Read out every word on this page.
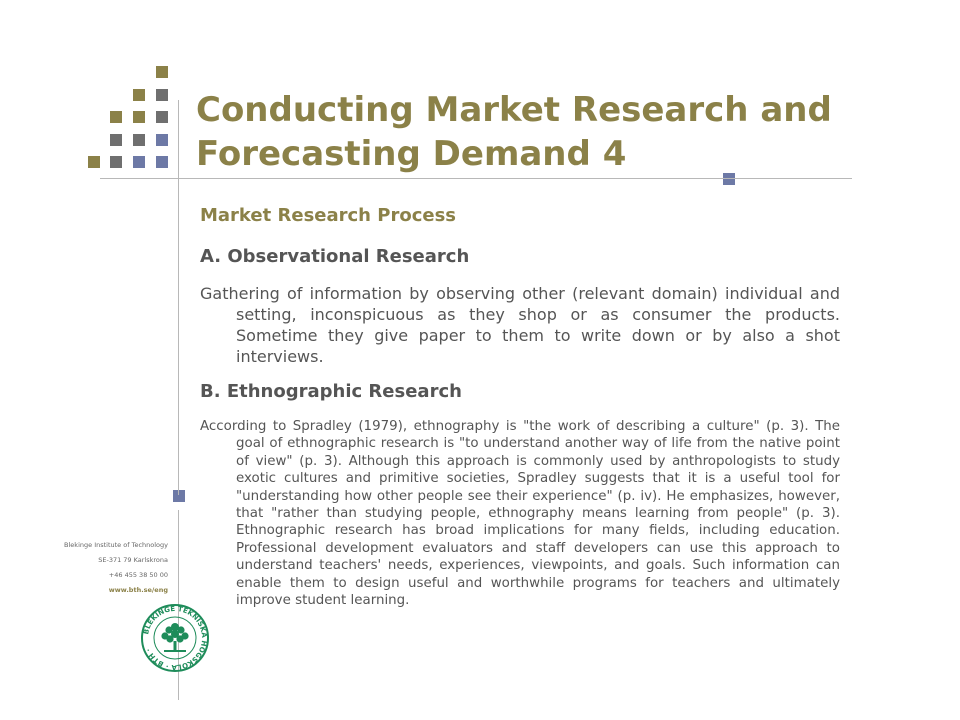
Conducting Market Research and Forecasting Demand 4
Market Research Process
A. Observational Research

Gathering of information by observing other (relevant domain) individual and setting, inconspicuous as they shop or as consumer the products. Sometime they give paper to them to write down or by also a shot interviews.

B. Ethnographic Research

According to Spradley (1979), ethnography is "the work of describing a culture" (p. 3). The goal of ethnographic research is "to understand another way of life from the native point of view" (p. 3). Although this approach is commonly used by anthropologists to study exotic cultures and primitive societies, Spradley suggests that it is a useful tool for "understanding how other people see their experience" (p. iv). He emphasizes, however, that "rather than studying people, ethnography means learning from people" (p. 3). Ethnographic research has broad implications for many fields, including education. Professional development evaluators and staff developers can use this approach to understand teachers' needs, experiences, viewpoints, and goals. Such information can enable them to design useful and worthwhile programs for teachers and ultimately improve student learning.

Blekinge Institute of Technology
SE-371 79 Karlskrona
+46 455 38 50 00
www.bth.se/eng
BLEKINGE TEKNISKA HÖGSKOLA · BTH ·
